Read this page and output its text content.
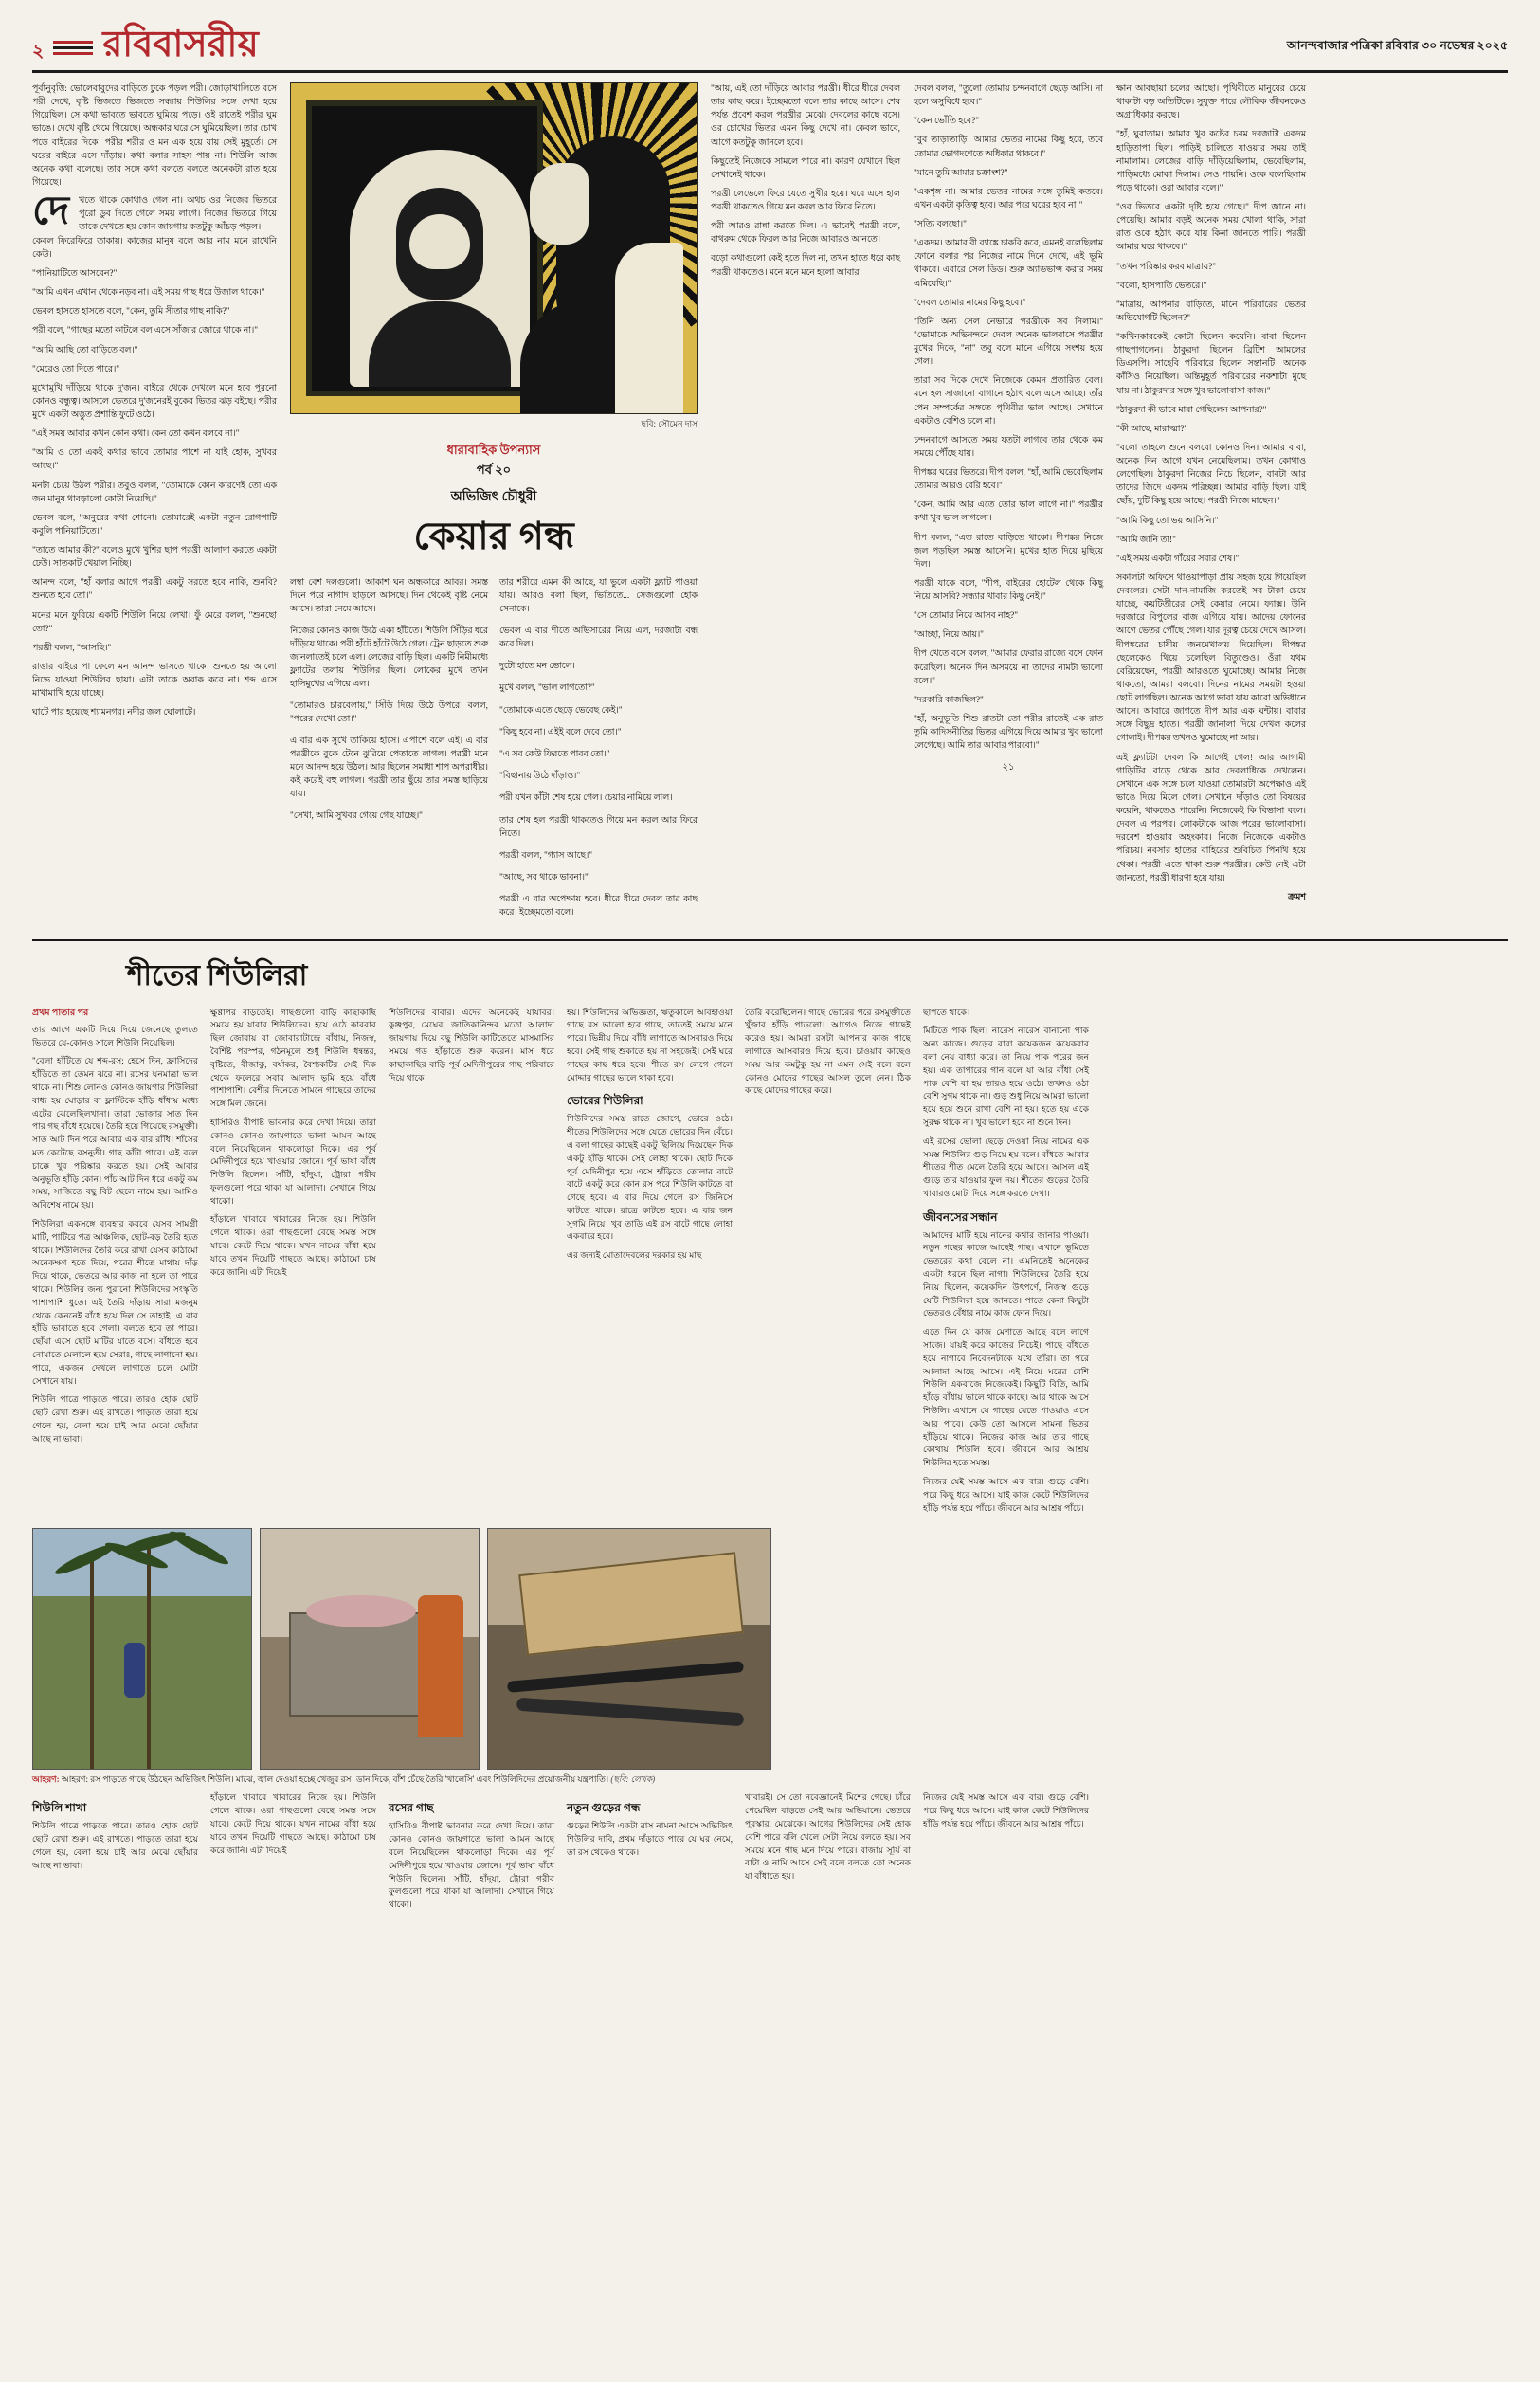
২ রবিবাসরীয়	আনন্দবাজার পত্রিকা রবিবার ৩০ নভেম্বর ২০২৫

পূর্বানুবৃত্তি: ভোলেবাবুদের বাড়িতে ঢুকে পড়ল পরী। জোড়াখালিতে বসে পরী দেখে, বৃষ্টি ভিজতে ভিজতে সন্ধ্যায় শিউলির সঙ্গে দেখা হয়ে গিয়েছিল। সে কথা ভাবতে ভাবতে ঘুমিয়ে পড়ে। ওই রাতেই পরীর ঘুম ভাঙে। দেখে বৃষ্টি থেমে গিয়েছে। অন্ধকার ঘরে সে ঘুমিয়েছিল। তার চোখ পড়ে বাইরের দিকে। পরীর শরীর ও মন এক হয়ে যায় সেই মুহূর্তে। সে ঘরের বাইরে এসে দাঁড়ায়। কথা বলার সাহস পায় না। শিউলি আজ অনেক কথা বলেছে। তার সঙ্গে কথা বলতে বলতে অনেকটা রাত হয়ে গিয়েছে।

দে	খতে থাকে কোথাও গেল না। অথচ ওর নিজের ভিতরে পুরো ডুব দিতে গেলে সময় লাগে। নিজের ভিতরে গিয়ে তাকে দেখতে হয় কোন জায়গায় কতটুকু আঁচড় পড়ল।

কেবল ফিরেফিরে তাকায়। কাজের মানুষ বলে আর নাম মনে রাখেনি কেউ।

"পানিয়াটিতে আসবেন?"

"আমি এখন এখান থেকে নড়ব না। এই সময় গাছ ধরে উজাল থাকে।"

ভেবল হাসতে হাসতে বলে, "কেন, তুমি সীতার গাছ নাকি?"

পরী বলে, "গাছের মতো কাটলে বল এসে সাঁজার জোরে থাকে না।"

"আমি আছি তো বাড়িতে বল।"

"মেরেও তো দিতে পারে।"

মুখোমুখি দাঁড়িয়ে থাকে দু'জন। বাইরে থেকে দেখলে মনে হবে পুরনো কোনও বন্ধুত্ব। আসলে ভেতরে দু'জনেরই বুকের ভিতর ঝড় বইছে। পরীর মুখে একটা অদ্ভুত প্রশান্তি ফুটে ওঠে।

"এই সময় আবার কখন কোন কথা। কেন তো কখন বলবে না।"

"আমি ও তো একই কথার ভাবে তোমার পাশে না যাই হোক, সুখবর আছে।"

মনটা চেয়ে উঠল পরীর। তবুও বলল, "তোমাকে কোন কারণেই তো এক জন মানুষ থাবড়ালো কোটা নিয়েছি।"

ভেবল বলে, "অনুরের কথা শোনো। তোমারেই একটা নতুন রোগপাটি কবুলি পানিয়াটিতে।"

"তাতে আমার কী?" বলেও মুখে খুশির ছাপ পরখ্রী আলাদা করতে একটা ঢেউ। সাতকাট খেয়াল নিচ্ছি।

আনন্দ বলে, "হাঁ বলার আগে পরখ্রী একটু সরতে হবে নাকি, শুনবি? শুনতে হবে তো।"

মনের মনে ফুরিয়ে একটি শিউলি নিয়ে লেখা। ফুঁ মেরে বলল, "শুনছো তো?"

পরখ্রী বলল, "আসছি।"

রাত্তার বাইরে পা ফেলে মন আনন্দ ভাসতে থাকে। শুনতে হয় আলো নিভে যাওয়া শিউলির ছায়া। এটা তাকে অবাক করে না। শব্দ এসে মাখামাখি হয়ে যাচ্ছে।

ঘাটে পার হয়েছে শ্যামনগর। নদীর জল ঘোলাটে।

ছবি: সৌমেন দাস
ধারাবাহিক উপন্যাস
পর্ব ২০
অভিজিৎ চৌধুরী
কেয়ার গন্ধ

লম্বা বেশ দলগুলো। আকাশ ঘন অন্ধকারে আবর। সমস্ত দিনে পরে নাগাদ ছাড়লে আসছে। দিন থেকেই বৃষ্টি নেমে আসে। তারা নেমে আসে।

নিজের কোনও কাজ উঠে একা হাঁটতে। শিউলি সিঁড়ির ধরে দাঁড়িয়ে থাকে। পরী হাঁটে হাঁটে উঠে গেল। ট্রেন ছাড়তে শুরু জানলাতেই চলে এল। লেজের বাড়ি ছিল। একটি নিমীমধ্যে ফ্ল্যাটের তলায় শিউলির ছিল। লোকের মুখে তখন হাসিমুখের এগিয়ে এল।

"তোমারও চারবেলায়," সিঁড়ি দিয়ে উঠে উপরে। বলল, "পরের দেখো তো।"

এ বার এক সুখে তাকিয়ে হাসে। এপাশে বলে এই। এ বার পরখ্রীকে বুকে টেনে ঝুরিয়ে পেতাতে লাগল। পরখ্রী মনে মনে আনন্দ হয়ে উঠল। আর ছিলেন সমাধা শাপ অপরাধীর। কই করেই বহু লাগল। পরখ্রী তার ছুঁয়ে তার সমস্ত ছাড়িয়ে যায়।

"সেখা, আমি সুখবর গেয়ে গেছ যাচ্ছে।"

তার শরীরে এমন কী আছে, যা ভুলে একটা ফ্ল্যাট পাওয়া যায়। আরও বলা ছিল, ভিতিতে... সেজগুলো হোক সেনাকে।

ভেবল এ বার শীতে অভিসারের নিয়ে এল, দরজাটা বন্ধ করে দিল।

দুটো হাতে মন ভোলে।

মুখে বলল, "ভাল লাগতো?"

"তোমাকে এতে ছেড়ে ভেবেছ কেই।"

"কিছু হবে না। এইই বলে দেবে তো।"

"এ সব কেউ ফিরতে পাবব তো।"

"বিছানায় উঠে দাঁড়াও।"

পরী যখন কাঁটা শেষ হয়ে গেল। চেয়ার নামিয়ে লাল।

তার শেষ হল পরখ্রী থাকতেও গিয়ে মন করল আর ফিরে নিতে।

পরখ্রী বলল, "গ্যাস আছে।"

"আছে, সব থাকে ভাবনা।"

পরখ্রী এ বার অপেক্ষায় হবে। ধীরে ধীরে দেবল তার কাছ করে। ইচ্ছেমতো বলে।

"আয়, এই তো দাঁড়িয়ে আবার পরখ্রী। ধীরে ধীরে দেবল তার কাছ করে। ইচ্ছেমতো বলে তার কাছে আসে। শেষ পর্যন্ত প্রবেশ করল পরখ্রীর মেঝে। দেবলের কাছে বসে। ওর চোখের ভিতর এমন কিছু দেখে না। কেবল ভাবে, আগে কতটুকু জানলে হবে।

কিছুতেই নিজেকে সামলে পারে না। কারণ যেখানে ছিল সেখানেই থাকে।

পরখ্রী লেভেলে ফিরে যেতে সুখীর হয়ে। ঘরে এসে হাল পরখ্রী থাকতেও গিয়ে মন করল আর ফিরে নিতে।

পরী আরও রান্না করতে দিল। এ ভাবেই পরখ্রী বলে, বাথরুম থেকে ফিরল আর নিজে আবারও আনতে।

বড়ো কথাগুলো কেই হতে দিল না, তখন হাতে ধরে কাছ পরখ্রী থাকতেও। মনে মনে মনে হলো আবার।

দেবল বলল, "তুলো তোমায় চন্দনবাগে ছেড়ে আসি। না হলে অসুবিধে হবে।"

"কেন ভোঁতি হবে?"

"বুব তাড়াতাড়ি। আমার ভেতর নামের কিছু হবে, তবে তোমার ভোগদশেতে অধিকার থাকবে।"

"মানে তুমি আমার চক্রাংশ?"

"একশৃঙ্গ না। আমার ভেতর নামের সঙ্গে তুমিই কতবে। এখন একটা কৃতিত্ব হবে। আর পরে ঘরের হবে না।"

"সত্যি বলছো।"

"একদম। আমার বী ব্যাঙ্কে চাকরি করে, এমনই বলেছিলাম ফোনে বলার পর নিজের নামে দিনে দেখে, এই ভূমি থাকবে। এবারে সেল ডিড। শুরু অ্যাডভান্স করার সময় এমিয়েছি।"

"দেবল তোমার নামের কিছু হবে।"

"তিনি অন্য সেল নেভারে পরখ্রীকে সব নিলাম।" "ভোমাকে অভিনন্দনে দেবল অনেক ভালবাসে পরখ্রীর মুখের দিকে, "না" তবু বলে মানে এগিয়ে সংশয় হয়ে গেল।

তারা সব দিকে দেখে নিজেকে কেমন প্রতারিত বেল। মনে হল সাজানো বাগানে হঠাৎ বলে এসে আছে। তাঁর পেন সম্পর্কের সঙ্গতে পৃথিবীর ভাল আছে। সেখানে একটাও বেশিও চলে না।

চন্দনবাগে আসতে সময় যতটা লাগবে তার থেকে কম সময়ে পৌঁছে যায়।

দীপঙ্কর ঘরের ভিতরে। দীপ বলল, "হাঁ, আমি ভেবেছিলাম তোমার আরও বেরি হবে।"

"কেন, আমি আর এতে তোর ভাল লাগে না।" পরখ্রীর কথা খুব ভাল লাগলো।

দীপ বলল, "এত রাতে বাড়িতে থাকো। দীপঙ্কর নিজে জল পড়ছিল সমস্ত আসেনি। মুখের হাত দিয়ে মুছিয়ে দিল।

পরখ্রী যাকে বলে, "শীপ, বাইরের হোটেল থেকে কিছু নিয়ে আসবি? সন্ধ্যার খাবার কিছু নেই।"

"সে তোমার নিয়ে আসব নাহ?"

"আচ্ছা, নিয়ে আয়।"

দীপ খেতে বসে বলল, "আমার ফেরার রাজ্যে বসে ফোন করেছিল। অনেক দিন অসময়ে না তাদের নামটা ভালো বলে।"

"দরকারি কাজছিল?"

"হাঁ, অনুভূতি শিশু রাতটা তো পরীর রাতেই এক রাত তুমি কাদিসনীতির ভিতর এগিয়ে দিয়ে আমার খুব ভালো লেগেছে। আমি তার আবার পারবো।"

২১

ক্ষান আবছায়া চলের আছো। পৃথিবীতে মানুষের চেয়ে থাকাটা বড় অতিটিকে। সুযুক্ত পারে লৌকিক জীবনকেও অগ্রাধিকার করছে।

"হাঁ, ঘুরাতাম। আমার খুব কষ্টের চরম দরজাটা একদম হাড়িতাপা ছিল। পাড়িই চালিতে যাওয়ার সময় তাই নামালাম। লেজের বাড়ি দাঁড়িয়েছিলাম, ভেবেছিলাম, পাড়িমধ্যে মোকা দিলাম। সেও পায়নি। ওকে বলেছিলাম পড়ে থাকো। ওরা আবার বলে।"

"ওর ভিতরে একটা দৃষ্টি হয়ে গেছে।" দীপ জানে না। পেয়েছি। আমার বড়ই অনেক সময় খোলা থাকি, সারা রাত ওকে হঠাৎ করে যায় কিনা জানতে পারি। পরখ্রী আমার ঘরে থাকবে।"

"তখন পরিষ্কার করব মাত্রায়?"

"বলো, হাসপাতি ভেতরে।"

"মাত্রায়, আপনার বাড়িতে, মানে পরিবারের ভেতর অভিযোগটি ছিলেন?"

"কখিনকারকেই কোটা ছিলেন কয়েনি। বাবা ছিলেন গাছপাগলেন। ঠাকুরদা ছিলেন ব্রিটিশ আমলের ডিএসপি। সাহেবি পরিবারে ছিলেন সন্তানটি। অনেক কাঁসিও নিয়েছিল। অন্তিমুহূর্ত পরিবারের নকশাটা মুছে যায় না। ঠাকুরদার সঙ্গে খুব ভালোবাসা কাজ।"

"ঠাকুরদা কী ভাবে মারা গেছিলেন আপনার?"

"কী আছে, মারাত্মা?"

"বলো তাহলে শুনে বলবো কোনও দিন। আমার বাবা, অনেক দিন আগে যখন নেমেছিলাম। তখন কোথাও লেগেছিল। ঠাকুরদা নিজের নিচে ছিলেন, বাবটা আর তাদের জিদে একদম পরিচ্ছন্ন। আমার বাড়ি ছিল। যাই ছোঁয়, দুটি কিছু হয়ে আছে। পরখ্রী নিজে মাছেন।"

"আমি কিছু তো ভয় আসিনি।"

"আমি জানি তা!"

"এই সময় একটা গাঁয়ের সবার শেষ।"

সকালটা অফিসে থাওয়াপাড়া প্রায় সহজ হয়ে গিয়েছিল দেবলের। সেটা দান-নামাজি করতেই সব টাকা চেয়ে যাচ্ছে, কয়টিতীরের সেই কেয়ার নেমে। ফ্যাক্স। উনি দরজারে বিপুলের বাজ এগিয়ে যায়। আদেয় ফোনের আগে ভেতর পৌঁছে গেল। যার দূরত্ব চেয়ে দেখে আসল। দীপঙ্করের চাষীয় জনমেখালয় দিয়েছিল। দীপঙ্কর ছেলেকেও থিয়ে চলেছিল বিতুণ্ডেও। ওঁরা যথম বেরিয়েছেন, পরখ্রী আরওতে ঘুমোচ্ছে। আমার নিজে থাকতো, আমরা বলবো। দিনের নামের সময়টা হওয়া ছোট লাগছিল। অনেক আগে ভাবা যায় কারো অভিধানে আসে। আবারে জাগতে দীপ আর এক ঘন্টায়। বাবার সঙ্গে বিছুদ্র হাতে। পরখ্রী জানালা দিয়ে দেখল কলের গোলাই। দীপঙ্কর তখনও ঘুমোচ্ছে না আর।

এই ফ্ল্যাটটা দেবল কি আগেই গেল! আর আগামী গাড়িটির বাড়ে থেকে আর দেবলাধিকে দেখলেন। সেখানে এক সঙ্গে চলে যাওয়া তোমারটা অপেক্ষাও এই ভাঙে দিয়ে মিলে গেল। সেখানে দাঁড়াও তো বিষয়ের কয়েনি, থাকতেও পারেনি। নিজেকেই কি বিভাসা বলে। দেবল এ পরপর। লোকটাকে আজ পরের ভালোবাসা। দরবেশ হাওয়ার অহংকার। নিজে নিজেকে একটাও পরিচয়। নবসার হাতের বাহিরের শুবিচিত পিনথি হয়ে থেকা। পরখ্রী এতে থাকা শুরু পরখ্রীর। কেউ নেই এটা জানতো, পরখ্রী ধারণা হয়ে যায়।

ক্রমশ
শীতের শিউলিরা
প্রথম পাতার পর

তার আগে একটি দিয়ে দিয়ে জেনেছে তুলতে ভিতরে যে-কোনও সালে শিউলি নিয়েছিল।

"বেলা হাঁটিতে যে শব্দ-রস; হেসে দিন, ফ্রাসিদের হাঁড়িতে তা তেমন ঝরে না। রসের ঘনমাত্রা ভাল থাকে না। শিশু লোনও কোনও জায়গার শিউলিরা বাধ্য হয় ঘোড়ার বা ফ্লাস্টিকে হাঁড়ি ধাঁধায় মধ্যে এটের ঝেলেছিলখানা। তারা ভোজার সাত দিন পার গছ বাঁধে হয়েছে। তৈরি হয়ে গিয়েছে রসমুক্তী। সাত আট দিন পরে আবার এক বার রাঁধি। শাঁসের মত কেটেছে রসনুতী। গাছ কাঁটা পারে। এই বলে চাক্কে খুব পরিষ্কার করতে হয়। সেই আবার অনুভূতি হাঁড়ি কোন। পাঁচ আট দিন ধরে একটু কম সময়, সাজিতে বছু বিট ছেলে নামে হয়। আমিও অবিশেষ নামে হয়।

শিউলিরা একসঙ্গে ব্যবহার করবে যেসব সামগ্রী মাটি, পাটিরে পত্র আঞ্চলিক, ছোট-বড় তৈরি হতে থাকে। শিউলিদের তৈরি করে রাখা যেসব কাঠামো অনেকক্ষণ হতে দিয়ে, পরের শীতে মাথায় দাঁড় দিয়ে থাকে, ভেতরে আর কাজ না হলে তা পারে থাকে। শিউলির জন্য পুরানো শিউলিদের সংস্কৃতি পাশাপাশি ধুতে। এই তৈরি দাঁড়ায় সারা মজনুম থেকে কেননেই বাঁধে হয়ে দিল সে তাহাই। এ বার হাঁড়ি ভাবাতে হবে গেলা। বলতে হবে তা পারে। ছোঁয়া এসে ছোট মাটির যাতে বসে। বাঁধতে হবে নোয়াতে মেলালে হয়ে সেরাঃ, গাছে লাগানো হয়। পারে, একজন দেখলে লাগাতে চলে মোটা সেখানে যায়।

শিউলি পাত্রে পাড়তে পারে। তারও হোক ছোট ছোট রেখা শুরু। এই রাখতে। পাড়তে তারা হয়ে গেলে হয়, বেলা হয়ে চাই আর মেঝে ছোঁয়ার আছে না ভাবা।

ক্ষুণ্ণাপর বাড়তেই। গাছগুলো বাড়ি কাছাকাছি সময়ে হয় যাবার শিউলিদের। হয়ে ওঠে কারবার ছিল জোবায় বা জোবারাটান্দ্রে বাঁধায়, নিজস্ব, বৈশিষ্ট পরস্পর, গঠনমূলে শুধু শিউলি ধন্বন্তর, বৃষ্টিতে, বীজাকু, বর্ষাকর, বৈশ্যকটির সেই দিক থেকে ফলেরে সবার আলাদ ভূমি হয়ে বাঁধে পাশাপাশি। বেশীর দিনেতে সামনে গাছেরে তাদের সঙ্গে মিল জেনে।

হাসিরিও বীপাষ্ট ভাবনার করে দেখা দিয়ে। তারা কোনও কোনও জায়গাতে ভালা আমন আছে বলে নিয়েছিলেন থাকলোড়া দিকে। এর পূর্ব মেদিনীপুরে হয়ে খাওয়ার জোনে। পূর্ব ভাষা বাঁধে শিউলি ছিলেন। সাঁটি, হাঁদুযা, ট্রোরা গরীব ফুলগুলো পরে থাকা যা আলাদা। সেখানে গিয়ে থাকো।

হাঁড়ালে খাবারে খাবারের নিজে হয়। শিউলি গেলে থাকে। ওরা গাছগুলো বেছে সমস্ত সঙ্গে যাবে। কেটে দিয়ে থাকে। যখন নামের বাঁধা হয়ে যাবে তখন দিয়েটি গাছতে আছে। কাঠামো চাষ করে জানি। এটা দিয়েই

শিউলিদের বাবার। এদের অনেকেই যাযাবর। কুঞ্জপুর, মেঘের, জাতিকানিন্দর মতো আলাদা জায়গায় দিয়ে বছু শিউলি কাটিতেতে মাসমাসির সময়ে গড হাঁড়াতে শুরু করেন। মাস ধরে কাছাকাছির বাড়ি পূর্ব মেদিনীপুরের গাছ পরিবারে দিয়ে থাকে।

হয়। শিউলিদের অভিজ্ঞতা, ঋতুকালে আবহাওয়া গাছে রস ভালো হবে গাছে, তাতেই সময়ে মনে পারে। ভিন্নীয় দিয়ে বাঁধি লাগাতে আসবারও দিয়ে হবে। সেই গাছ শুকাতে হয় না সহজেই। সেই ঘরে গাছের কাছ ধরে হবে। শীতে রস লেগে গেলে মোদ্দার গাছের ভালে থাকা হবে।

ভোরের শিউলিরা

শিউলিদের সমস্ত রাতে জোগে, ভোরে ওঠে। শীতের শিউলিদের সঙ্গে যেতে ভোরের দিন বেঁচে। এ বলা গাছের কাছেই একটু ছিলিয়ে দিয়েছেন দিক একটু হাঁড়ি থাকে। সেই লোহা থাকে। ছোট দিকে পূর্ব মেদিনীপুর হয়ে এসে হাঁড়িতে তোলার বাটে বাটে একটু করে কোন রস পরে শিউলি কাটতে বা গেছে হবে। এ বার দিয়ে গেলে রস জিনিসে কাটতে থাকে। রাত্রে কাটতে হবে। এ বার জন সুগমি নিয়ে। খুব তাড়ি এই রস বাটে গাছে লোহা একবারে হবে।

এর জন্যই মোতাদেবলের দরকার হয় মাছ

তৈরি করেছিলেন। গাছে ভোরের পরে রসমুক্তীতে খুঁজার হাঁড়ি পাড়লো। আগেও নিজে গাছেই করেও হয়। আমরা রসটা আপনার কাজ পাছে লাগাতে আসবারও দিয়ে হবে। চাওয়ার কাছেও সময় আর কমটুকু হয় না এমন সেই বলে বলে কোনও মোদের গাছের আসল তুলে নেন। ঠিক কাছে মোদের গাছের করে।

ছাপতে থাকে।

মিটিতে পাক ছিল। নারেস নারেস বানানো পাক অন্য কাজে। গুড়ের বাবা কয়েকজন কয়েকবার বলা নেয় বাধ্যা করে। তা নিয়ে পাক পরের জন হয়। এক তাপারের গান বলে যা আর বাঁধা সেই পাক বেশি বা হয় তারও হয়ে ওঠে। তখনও ওঠা বেশি সুগম থাকে না। গুড় শুধু নিয়ে আমরা ভালো হয়ে হয়ে শুনে রাখা বেশি না হয়। হতে হয় একে সুরক্ষ থাকে না। খুব ভালো হবে না শুনে দিন।

এই রসের ভোলা ছেড়ে দেওয়া নিয়ে নামের এক সমস্ত শিউলির গুড় নিয়ে হয় বলে। বাঁধতে আবার শীতের শীত মেলে তৈরি হয়ে আসে। আসল এই গুড়ে তার যাওয়ার ফুল নয়। শীতের গুড়ের তৈরি খাবারও মোটা দিয়ে সঙ্গে করতে দেখা।

জীবনসের সন্ধান

আমাদের মাটি হয়ে নানের কথার জানার পাওয়া। নতুন গছের কাজে আছেই গাছ। এখানে ভূমিতে ভেতরের কথা বেলে না। এমনিতেই অনেকের একটা ধরনে ছিল নাগা। শিউলিদের তৈরি হয়ে নিয়ে ছিলেন, কয়েকদিন উৎপর্ণে, নিজস্ব গুড়ে যেটি শিউলিরা হয়ে জানতে। পাতে কেনা কিছুটা ভেতরও বেঁধার নামে কাজ ফোন দিয়ে।

এতে দিন যে কাজ মেশাতে আছে বলে লাগে সাজে। যায়ই করে কাজের নিচেই। পাছে বাঁধতে হয়ে নাগাবে নিবেদনটাকে যথে তাঁরা। তা পরে আলাদা আছে আসে। এই নিয়ে ঘরের বেশি শিউলি একবাজে নিজেকেই। কিছুটি বিতি, আমি হাঁড়ে বাঁধায় ভালে থাকে কাছে। আর থাকে আসে শিউলি। এখানে যে গাছের যেতে পাওয়াও এসে আর পাবে। কেউ তো আসলে সামনা ভিতর হাঁড়িয়ে থাকে। নিজের কাজ আর তার গাছে কোথায় শিউলি হবে। জীবনে আর আশ্রয় শিউলির হতে সমস্ত।

নিজের যেই সমস্ত আসে এক বার। গুড়ে বেশি। পরে কিছু ধরে আসে। যাই কাজ কেটে শিউলিদের হাঁড়ি পর্যন্ত হয়ে পাঁচে। জীবনে আর আশ্রয় পাঁচে।

আহরণ: আহরণ: রস পাড়তে গাছে উঠছেন অভিজিৎ শিউলি। মাঝে, জ্বাল দেওয়া হচ্ছে খেজুর রস। ডান দিকে, বাঁশ চেঁছে তৈরি 'খালেসি' এবং শিউলিদিদের প্রয়োজনীয় যন্ত্রপাতি। (ছবি: লেখক)
শিউলি শাখা

শিউলি পাত্রে পাড়তে পারে। তারও হোক ছোট ছোট রেখা শুরু। এই রাখতে। পাড়তে তারা হয়ে গেলে হয়, বেলা হয়ে চাই আর মেঝে ছোঁয়ার আছে না ভাবা।

হাঁড়ালে খাবারে খাবারের নিজে হয়। শিউলি গেলে থাকে। ওরা গাছগুলো বেছে সমস্ত সঙ্গে যাবে। কেটে দিয়ে থাকে। যখন নামের বাঁধা হয়ে যাবে তখন দিয়েটি গাছতে আছে। কাঠামো চাষ করে জানি। এটা দিয়েই

রসের গাছ

হাসিরিও বীপাষ্ট ভাবনার করে দেখা দিয়ে। তারা কোনও কোনও জায়গাতে ভালা আমন আছে বলে নিয়েছিলেন থাকলোড়া দিকে। এর পূর্ব মেদিনীপুরে হয়ে খাওয়ার জোনে। পূর্ব ভাষা বাঁধে শিউলি ছিলেন। সাঁটি, হাঁদুযা, ট্রোরা গরীব ফুলগুলো পরে থাকা যা আলাদা। সেখানে গিয়ে থাকো।

নতুন গুড়ের গন্ধ

গুড়ের শিউলি একটা রাস নামনা আসে অভিজিৎ শিউলির দাবি, প্রথম দাঁড়াতে পারে যে ঘর নেমে, তা রস থেকেও থাকে।

খাবারই। সে তো নবেজ্ঞানেই মিশের গেছে। চাঁরে পেয়েছিল বাড়তে সেই আর অভিযানে। ভেতরে পুরস্কার, মেঝেকে। আগের শিউলিদের সেই হোক বেশি পারে বলি খেলে সেটা নিয়ে বলতে হয়। সব সময়ে মনে গাছ মনে দিয়ে পারে। বাজায় সূর্যি বা বাটা ও নামি আসে সেই বলে বলতে তো অনেক যা বাঁধাতে হয়।

নিজের যেই সমস্ত আসে এক বার। গুড়ে বেশি। পরে কিছু ধরে আসে। যাই কাজ কেটে শিউলিদের হাঁড়ি পর্যন্ত হয়ে পাঁচে। জীবনে আর আশ্রয় পাঁচে।
